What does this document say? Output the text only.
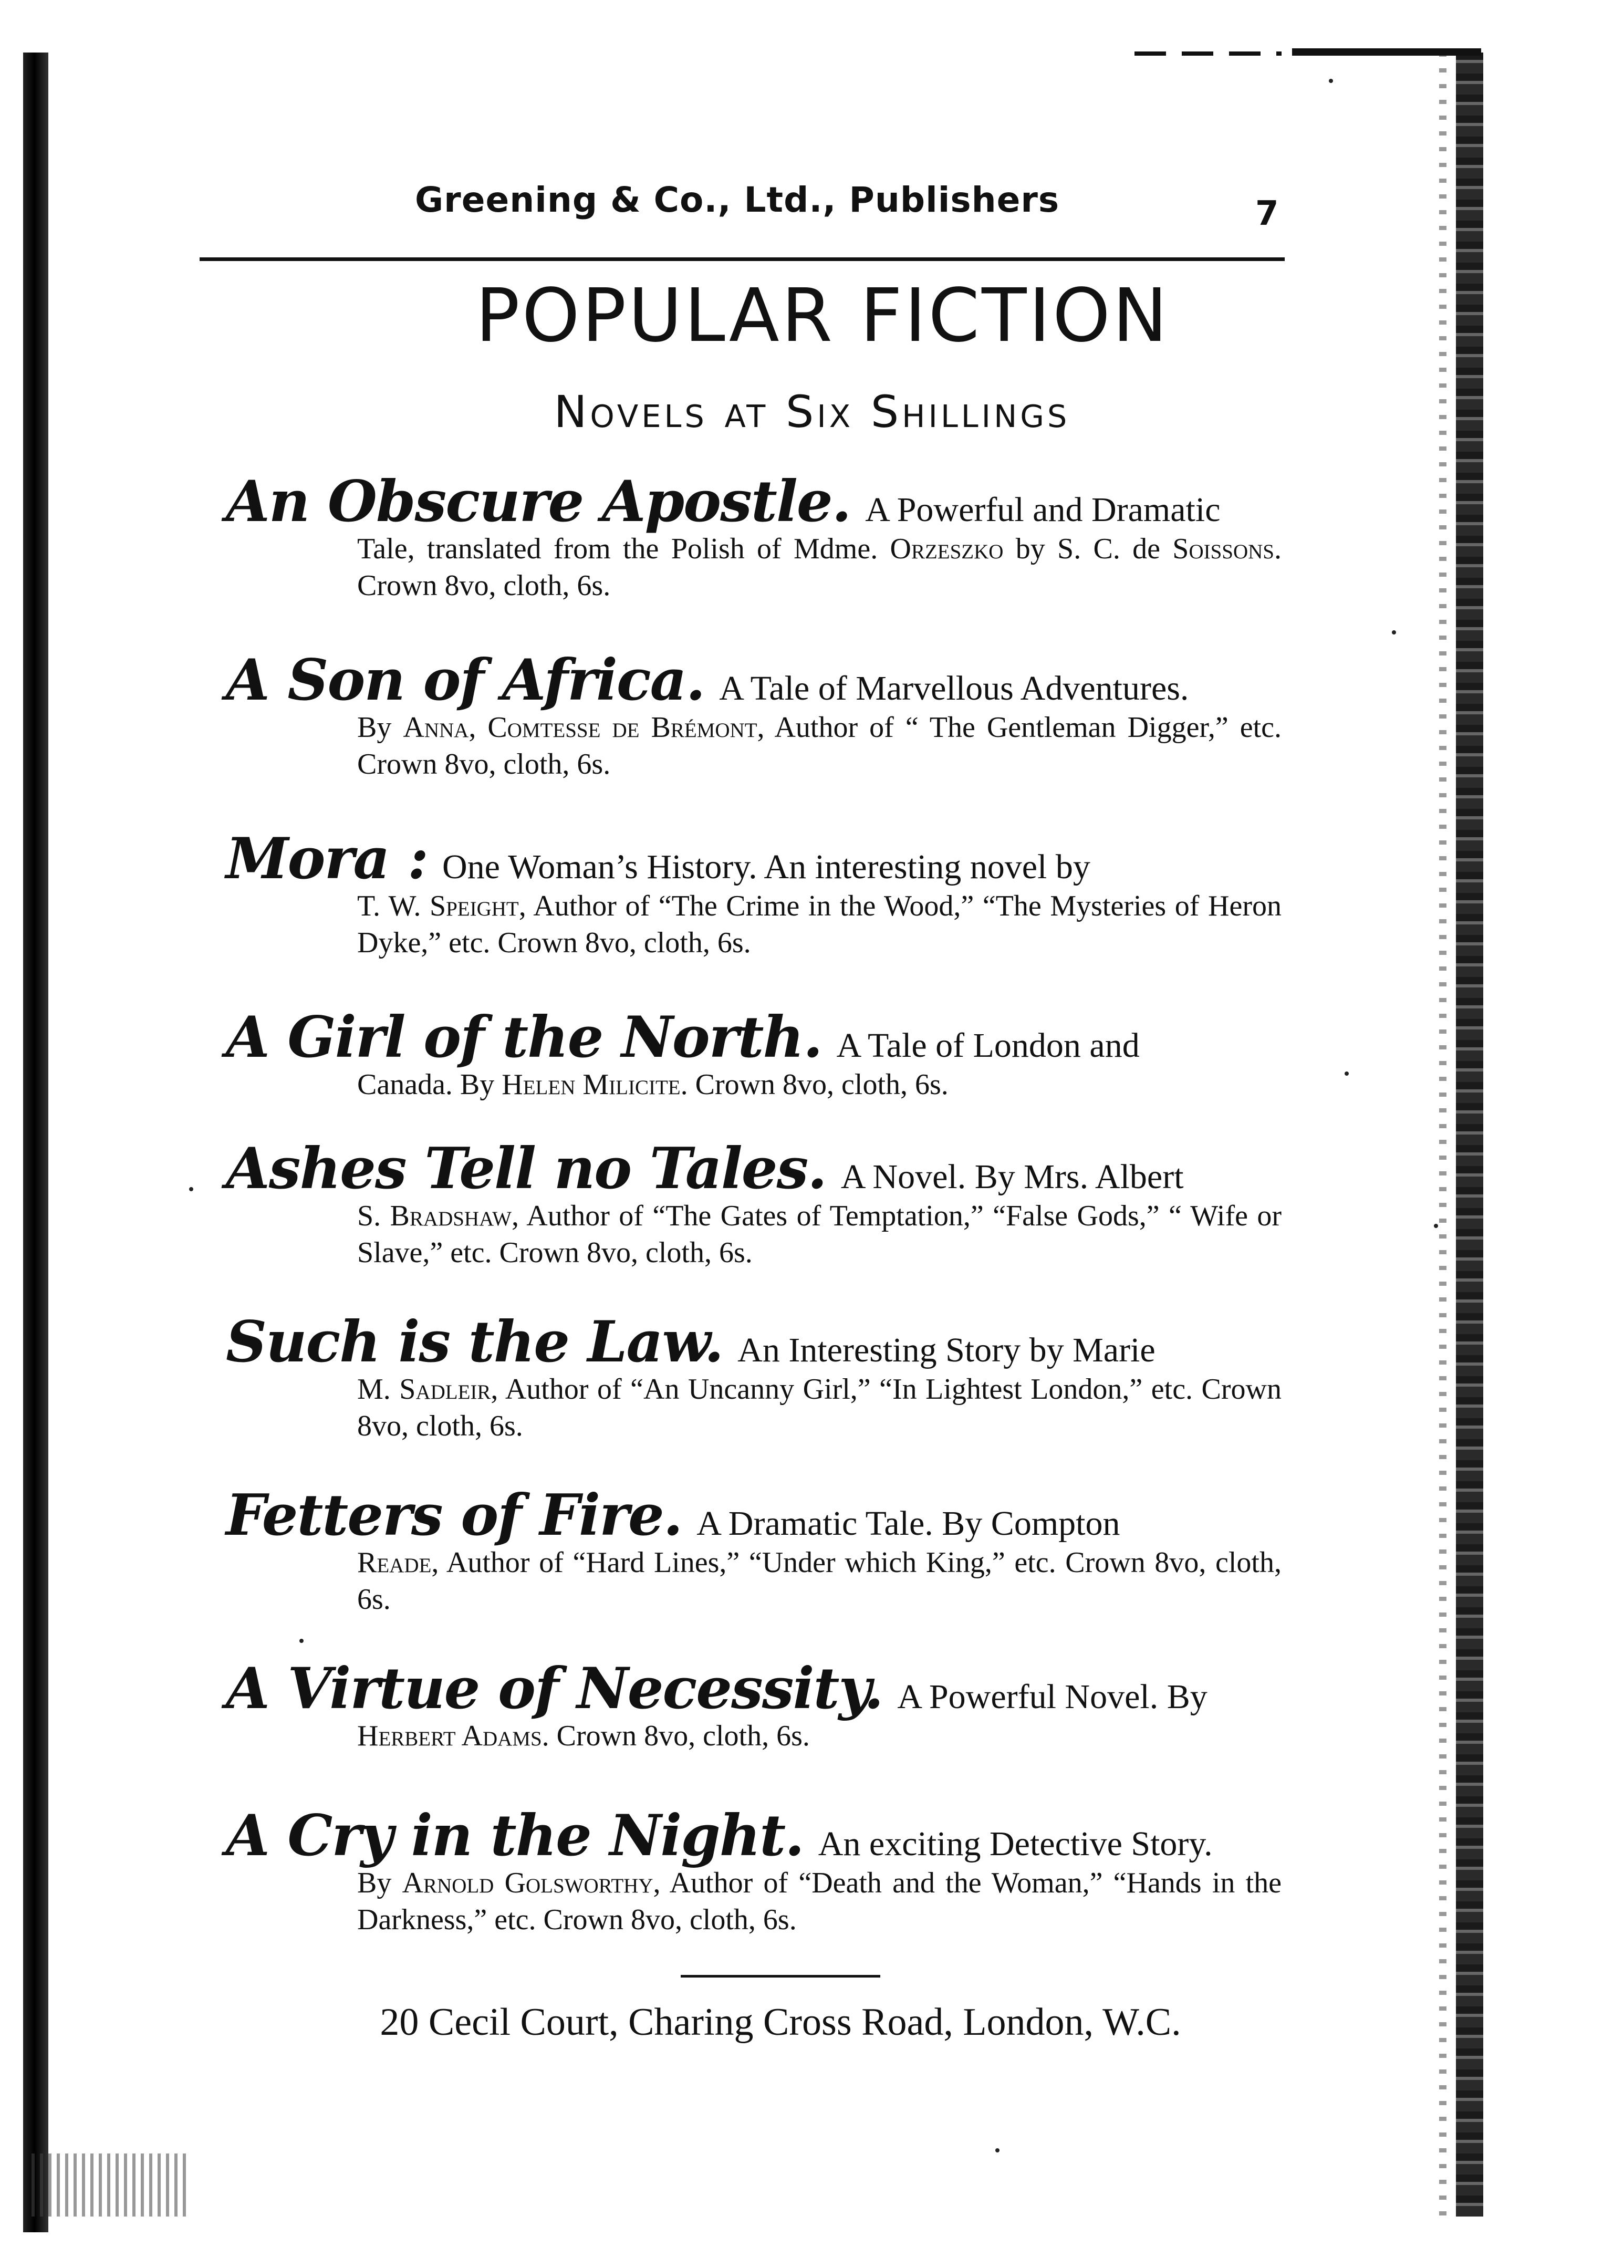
Greening & Co., Ltd., Publishers	7
POPULAR FICTION
Novels at Six Shillings
An Obscure Apostle. A Powerful and Dramatic
Tale, translated from the Polish of Mdme. Orzeszko by S. C. de Soissons. Crown 8vo, cloth, 6s.
A Son of Africa. A Tale of Marvellous Adventures.
By Anna, Comtesse de Brémont, Author of “ The Gentleman Digger,” etc. Crown 8vo, cloth, 6s.
Mora : One Woman’s History. An interesting novel by
T. W. Speight, Author of “The Crime in the Wood,” “The Mysteries of Heron Dyke,” etc. Crown 8vo, cloth, 6s.
A Girl of the North. A Tale of London and
Canada. By Helen Milicite. Crown 8vo, cloth, 6s.
Ashes Tell no Tales. A Novel. By Mrs. Albert
S. Bradshaw, Author of “The Gates of Temptation,” “False Gods,” “ Wife or Slave,” etc. Crown 8vo, cloth, 6s.
Such is the Law. An Interesting Story by Marie
M. Sadleir, Author of “An Uncanny Girl,” “In Lightest London,” etc. Crown 8vo, cloth, 6s.
Fetters of Fire. A Dramatic Tale. By Compton
Reade, Author of “Hard Lines,” “Under which King,” etc. Crown 8vo, cloth, 6s.
A Virtue of Necessity. A Powerful Novel. By
Herbert Adams. Crown 8vo, cloth, 6s.
A Cry in the Night. An exciting Detective Story.
By Arnold Golsworthy, Author of “Death and the Woman,” “Hands in the Darkness,” etc. Crown 8vo, cloth, 6s.
20 Cecil Court, Charing Cross Road, London, W.C.
